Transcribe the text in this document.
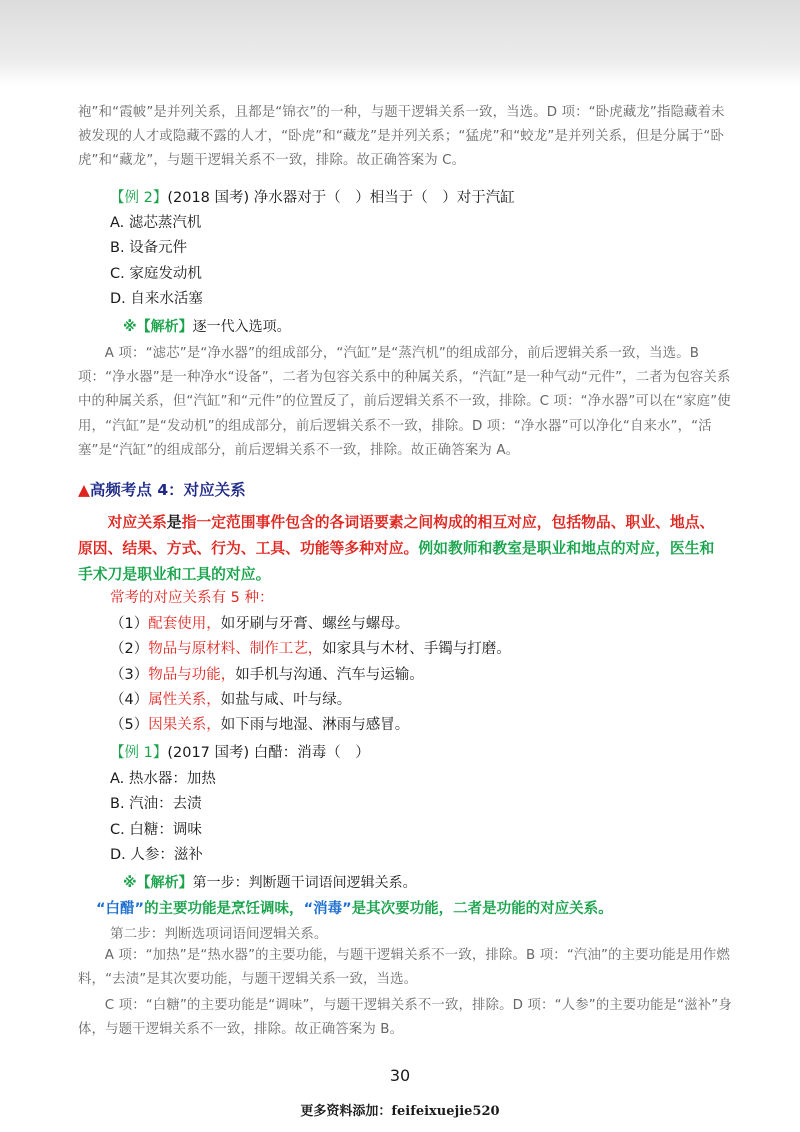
袍”和“霞帔”是并列关系，且都是“锦衣”的一种，与题干逻辑关系一致，当选。D 项：“卧虎藏龙”指隐藏着未被发现的人才或隐藏不露的人才，“卧虎”和“藏龙”是并列关系；“猛虎”和“蛟龙”是并列关系，但是分属于“卧虎”和“藏龙”，与题干逻辑关系不一致，排除。故正确答案为 C。
【例 2】(2018 国考) 净水器对于（　）相当于（　）对于汽缸
A. 滤芯蒸汽机
B. 设备元件
C. 家庭发动机
D. 自来水活塞
※【解析】逐一代入选项。
A 项：“滤芯”是“净水器”的组成部分，“汽缸”是“蒸汽机”的组成部分，前后逻辑关系一致，当选。B 项：“净水器”是一种净水“设备”，二者为包容关系中的种属关系，“汽缸”是一种气动“元件”，二者为包容关系中的种属关系，但“汽缸”和“元件”的位置反了，前后逻辑关系不一致，排除。C 项：“净水器”可以在“家庭”使用，“汽缸”是“发动机”的组成部分，前后逻辑关系不一致，排除。D 项：“净水器”可以净化“自来水”，“活塞”是“汽缸”的组成部分，前后逻辑关系不一致，排除。故正确答案为 A。
▲高频考点 4：对应关系
对应关系是指一定范围事件包含的各词语要素之间构成的相互对应，包括物品、职业、地点、原因、结果、方式、行为、工具、功能等多种对应。例如教师和教室是职业和地点的对应，医生和手术刀是职业和工具的对应。
常考的对应关系有 5 种：
（1）配套使用，如牙刷与牙膏、螺丝与螺母。
（2）物品与原材料、制作工艺，如家具与木材、手镯与打磨。
（3）物品与功能，如手机与沟通、汽车与运输。
（4）属性关系，如盐与咸、叶与绿。
（5）因果关系，如下雨与地湿、淋雨与感冒。
【例 1】(2017 国考) 白醋：消毒（　）
A. 热水器：加热
B. 汽油：去渍
C. 白糖：调味
D. 人参：滋补
※【解析】第一步：判断题干词语间逻辑关系。
“白醋”的主要功能是烹饪调味，“消毒”是其次要功能，二者是功能的对应关系。
第二步：判断选项词语间逻辑关系。
A 项：“加热”是“热水器”的主要功能，与题干逻辑关系不一致，排除。B 项：“汽油”的主要功能是用作燃料，“去渍”是其次要功能，与题干逻辑关系一致，当选。
C 项：“白糖”的主要功能是“调味”，与题干逻辑关系不一致，排除。D 项：“人参”的主要功能是“滋补”身体，与题干逻辑关系不一致，排除。故正确答案为 B。
30
更多资料添加：feifeixuejie520
